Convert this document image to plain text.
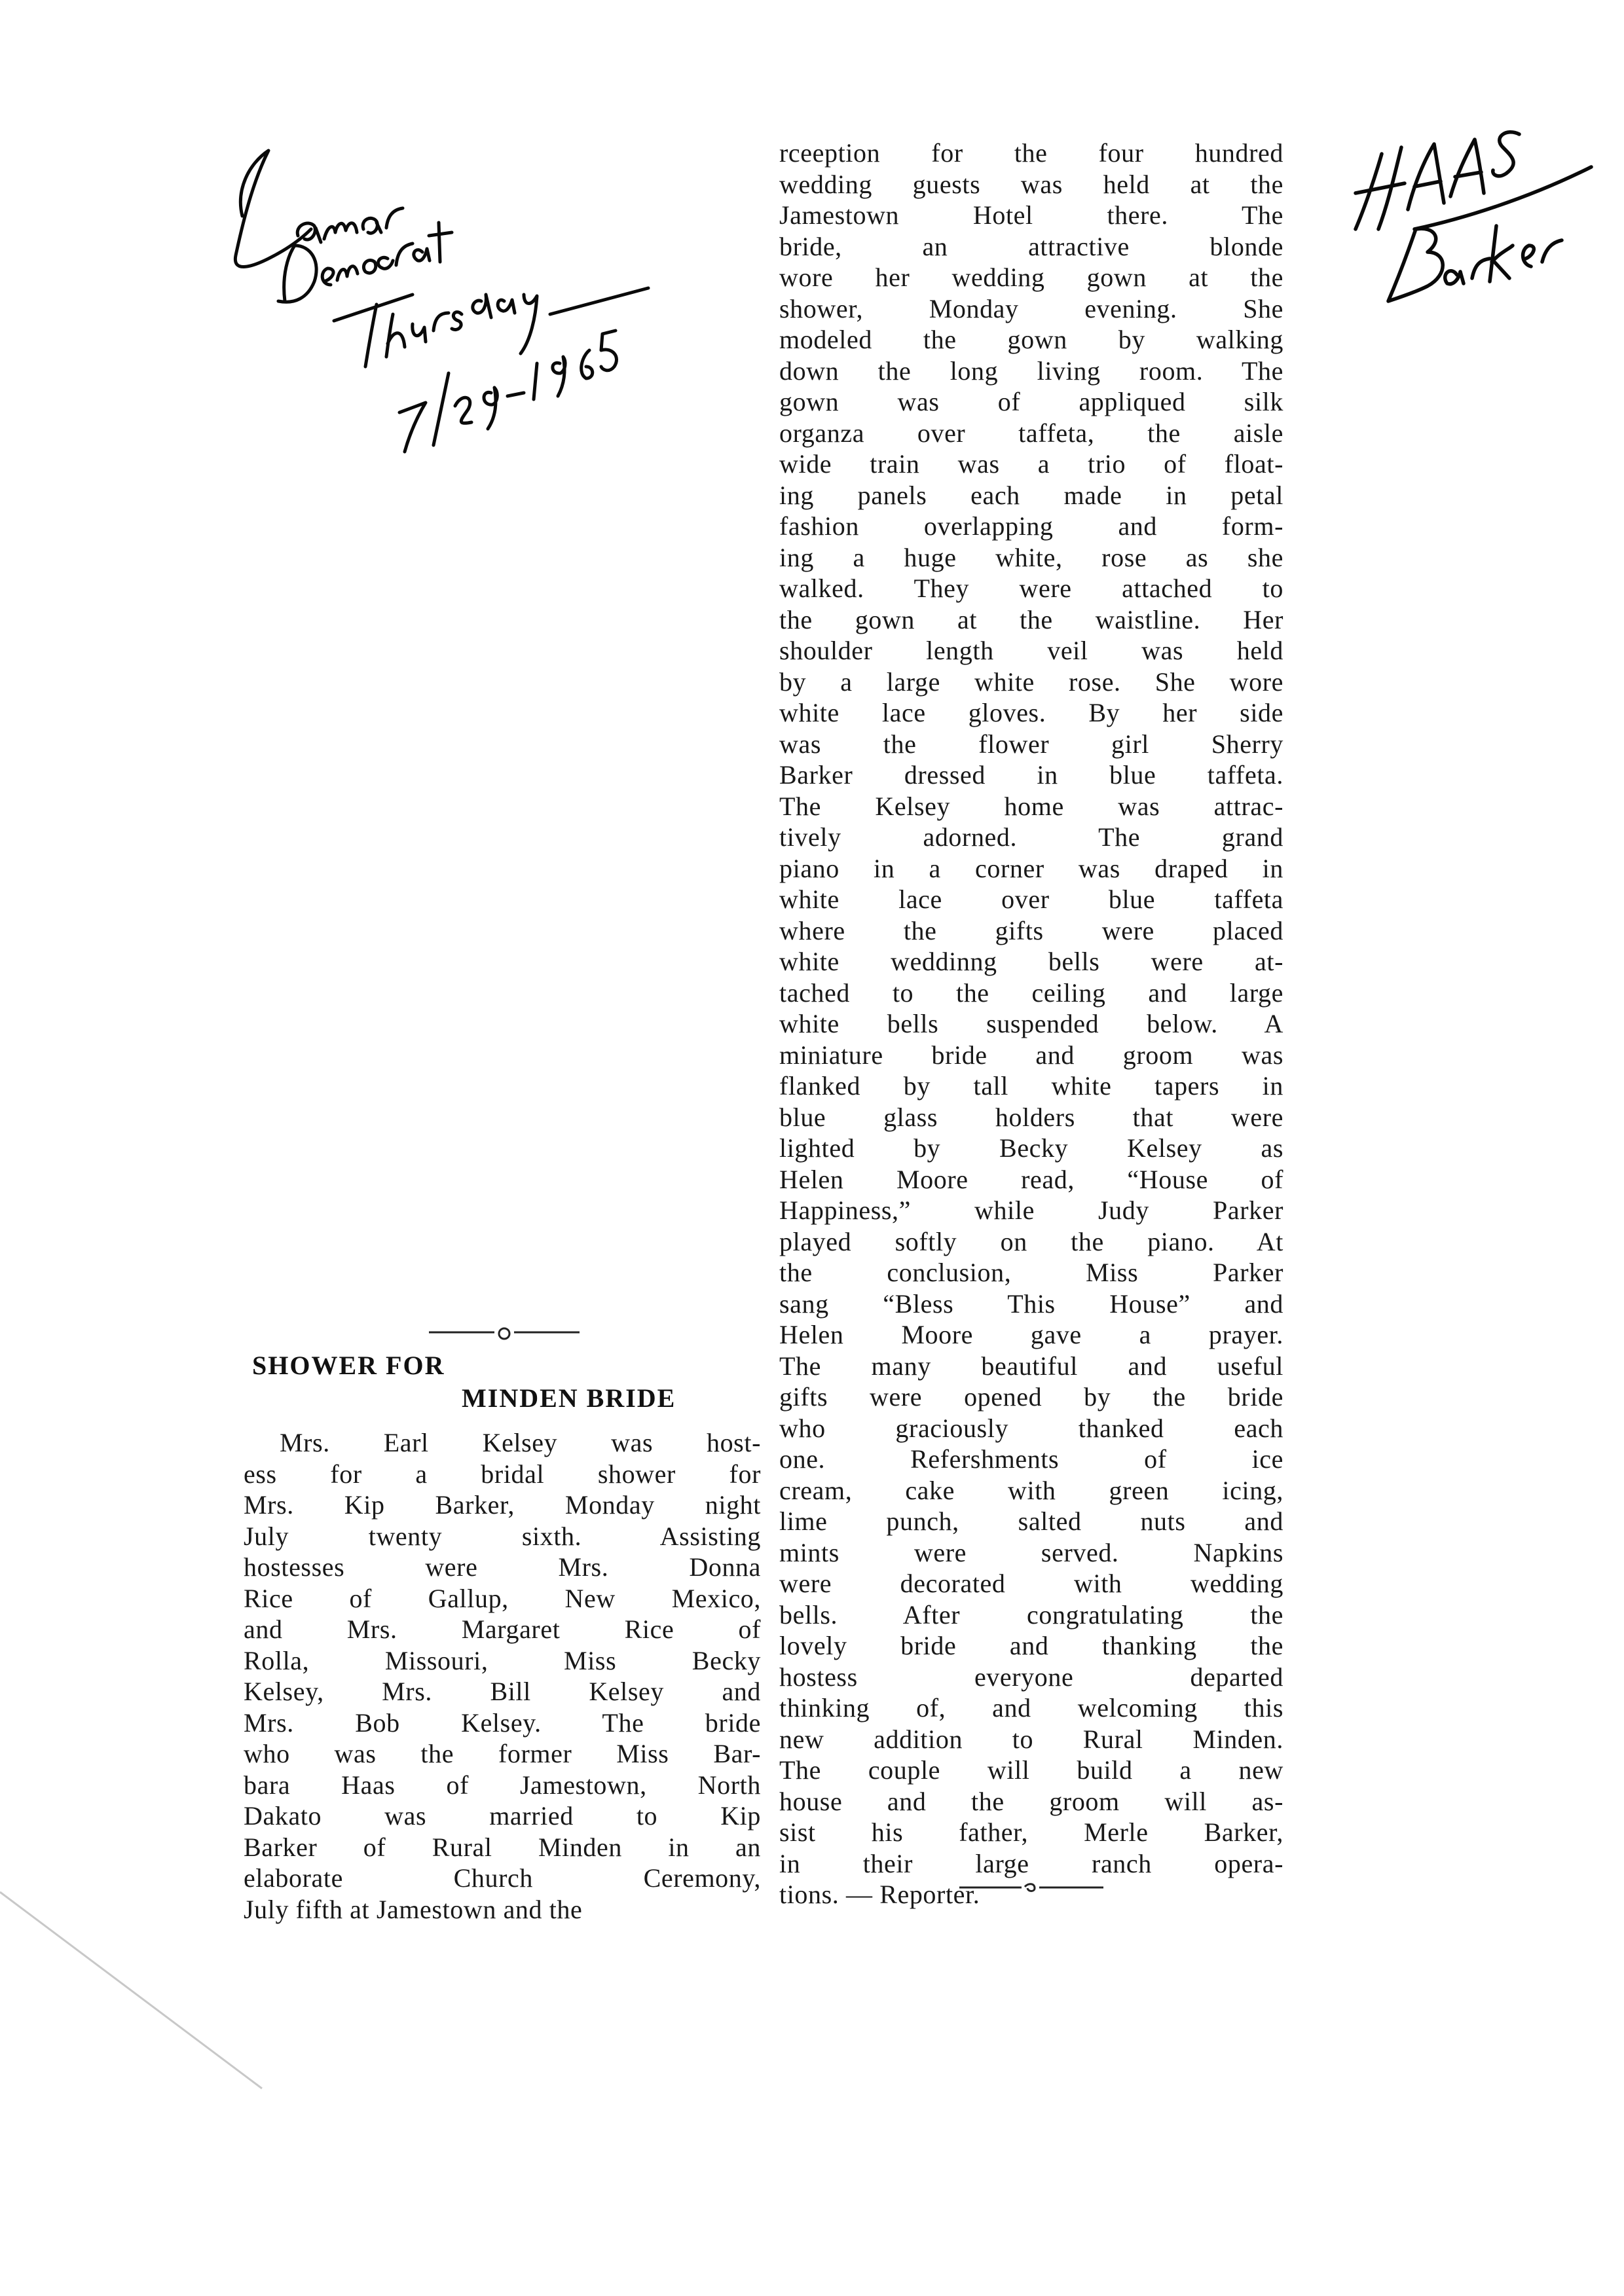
SHOWER FOR
MINDEN BRIDE

Mrs. Earl Kelsey was host-

ess for a bridal shower for

Mrs. Kip Barker, Monday night

July twenty sixth. Assisting

hostesses were Mrs. Donna

Rice of Gallup, New Mexico,

and Mrs. Margaret Rice of

Rolla, Missouri, Miss Becky

Kelsey, Mrs. Bill Kelsey and

Mrs. Bob Kelsey. The bride

who was the former Miss Bar-

bara Haas of Jamestown, North

Dakato was married to Kip

Barker of Rural Minden in an

elaborate Church Ceremony,

July fifth at Jamestown and the

rceeption for the four hundred

wedding guests was held at the

Jamestown Hotel there. The

bride, an attractive blonde

wore her wedding gown at the

shower, Monday evening. She

modeled the gown by walking

down the long living room. The

gown was of appliqued silk

organza over taffeta, the aisle

wide train was a trio of float-

ing panels each made in petal

fashion overlapping and form-

ing a huge white, rose as she

walked. They were attached to

the gown at the waistline. Her

shoulder length veil was held

by a large white rose. She wore

white lace gloves. By her side

was the flower girl Sherry

Barker dressed in blue taffeta.

The Kelsey home was attrac-

tively adorned. The grand

piano in a corner was draped in

white lace over blue taffeta

where the gifts were placed

white weddinng bells were at-

tached to the ceiling and large

white bells suspended below. A

miniature bride and groom was

flanked by tall white tapers in

blue glass holders that were

lighted by Becky Kelsey as

Helen Moore read, “House of

Happiness,” while Judy Parker

played softly on the piano. At

the conclusion, Miss Parker

sang “Bless This House” and

Helen Moore gave a prayer.

The many beautiful and useful

gifts were opened by the bride

who graciously thanked each

one. Refershments of ice

cream, cake with green icing,

lime punch, salted nuts and

mints were served. Napkins

were decorated with wedding

bells. After congratulating the

lovely bride and thanking the

hostess everyone departed

thinking of, and welcoming this

new addition to Rural Minden.

The couple will build a new

house and the groom will as-

sist his father, Merle Barker,

in their large ranch opera-

tions. — Reporter.
